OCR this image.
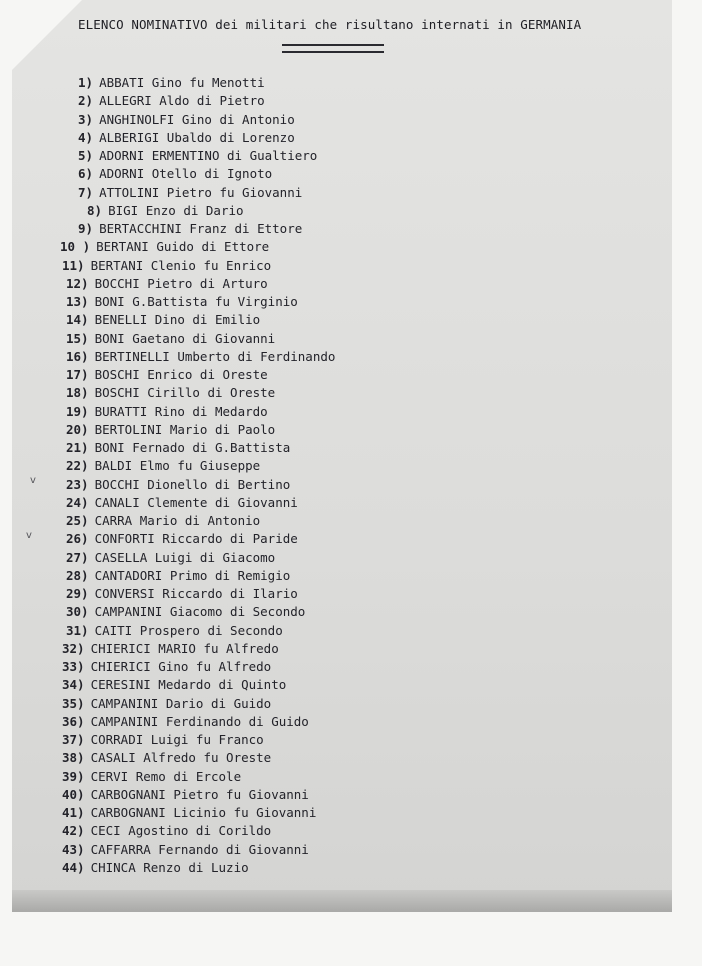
ELENCO NOMINATIVO dei militari che risultano internati in GERMANIA
1) ABBATI Gino fu Menotti
2) ALLEGRI Aldo di Pietro
3) ANGHINOLFI Gino di Antonio
4) ALBERIGI Ubaldo di Lorenzo
5) ADORNI ERMENTINO di Gualtiero
6) ADORNI Otello di Ignoto
7) ATTOLINI Pietro fu Giovanni
8) BIGI Enzo di Dario
9) BERTACCHINI Franz di Ettore
10 ) BERTANI Guido di Ettore
11) BERTANI Clenio fu Enrico
12) BOCCHI Pietro di Arturo
13) BONI G.Battista fu Virginio
14) BENELLI Dino di Emilio
15) BONI Gaetano di Giovanni
16) BERTINELLI Umberto di Ferdinando
17) BOSCHI Enrico di Oreste
18) BOSCHI Cirillo di Oreste
19) BURATTI Rino di Medardo
20) BERTOLINI Mario di Paolo
21) BONI Fernado di G.Battista
22) BALDI Elmo fu Giuseppe
23) BOCCHI Dionello di Bertino
24) CANALI Clemente di Giovanni
25) CARRA Mario di Antonio
26) CONFORTI Riccardo di Paride
27) CASELLA Luigi di Giacomo
28) CANTADORI Primo di Remigio
29) CONVERSI Riccardo di Ilario
30) CAMPANINI Giacomo di Secondo
31) CAITI Prospero di Secondo
32) CHIERICI MARIO fu Alfredo
33) CHIERICI Gino fu Alfredo
34) CERESINI Medardo di Quinto
35) CAMPANINI Dario di Guido
36) CAMPANINI Ferdinando di Guido
37) CORRADI Luigi fu Franco
38) CASALI Alfredo fu Oreste
39) CERVI Remo di Ercole
40) CARBOGNANI Pietro fu Giovanni
41) CARBOGNANI Licinio fu Giovanni
42) CECI Agostino di Corildo
43) CAFFARRA Fernando di Giovanni
44) CHINCA Renzo di Luzio
v
v
